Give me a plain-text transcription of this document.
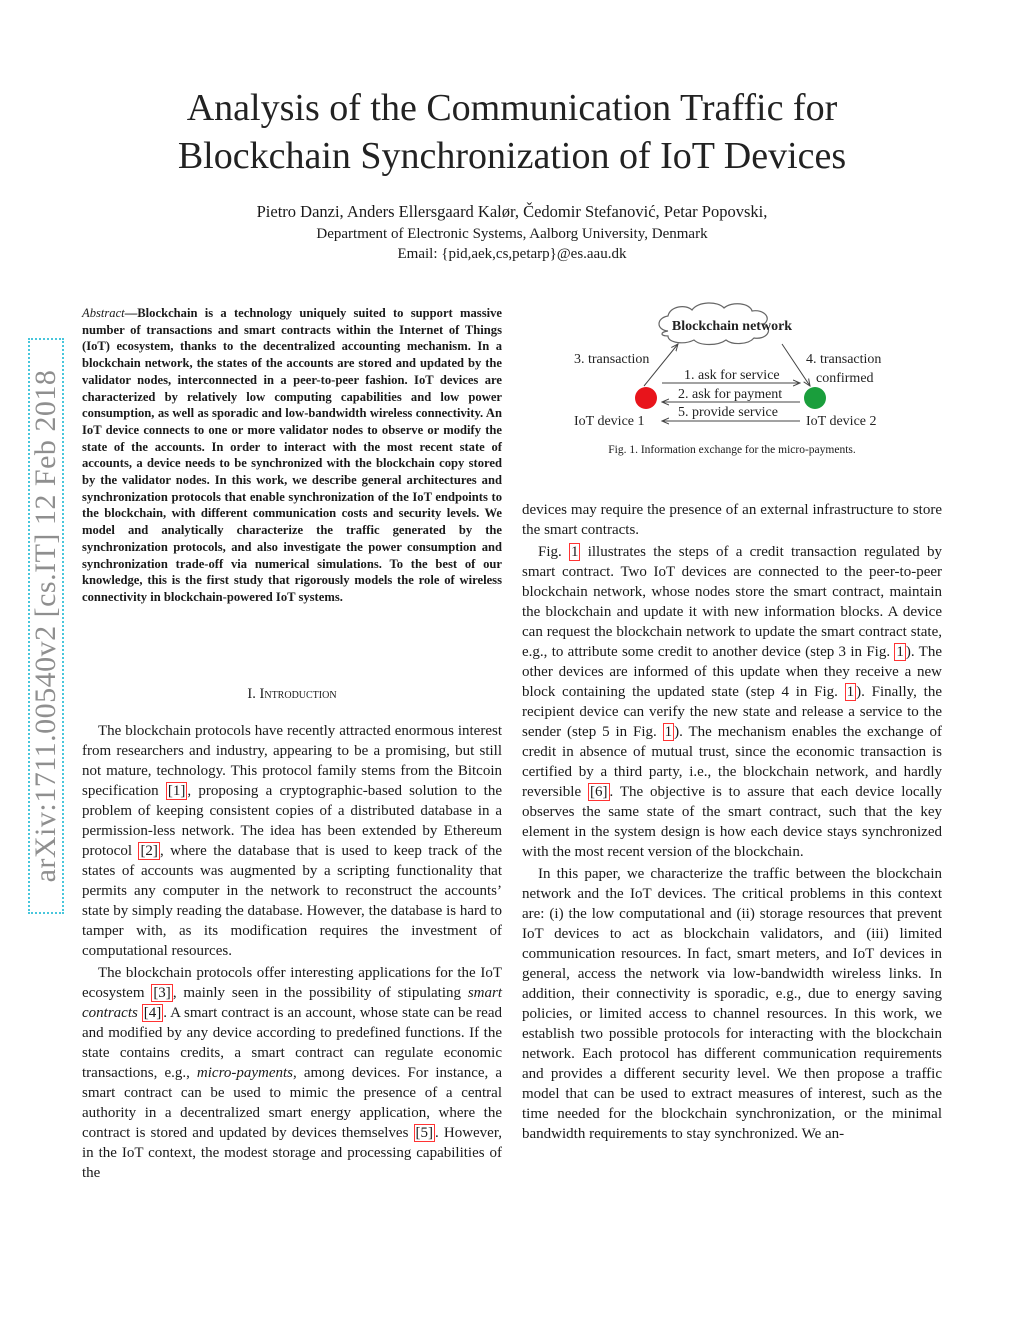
arXiv:1711.00540v2 [cs.IT] 12 Feb 2018
Analysis of the Communication Traffic for
Blockchain Synchronization of IoT Devices
Pietro Danzi, Anders Ellersgaard Kalør, Čedomir Stefanović, Petar Popovski,
Department of Electronic Systems, Aalborg University, Denmark
Email: {pid,aek,cs,petarp}@es.aau.dk
Abstract—Blockchain is a technology uniquely suited to support massive number of transactions and smart contracts within the Internet of Things (IoT) ecosystem, thanks to the decentralized accounting mechanism. In a blockchain network, the states of the accounts are stored and updated by the validator nodes, interconnected in a peer-to-peer fashion. IoT devices are characterized by relatively low computing capabilities and low power consumption, as well as sporadic and low-bandwidth wireless connectivity. An IoT device connects to one or more validator nodes to observe or modify the state of the accounts. In order to interact with the most recent state of accounts, a device needs to be synchronized with the blockchain copy stored by the validator nodes. In this work, we describe general architectures and synchronization protocols that enable synchronization of the IoT endpoints to the blockchain, with different communication costs and security levels. We model and analytically characterize the traffic generated by the synchronization protocols, and also investigate the power consumption and synchronization trade-off via numerical simulations. To the best of our knowledge, this is the first study that rigorously models the role of wireless connectivity in blockchain-powered IoT systems.
I. Introduction

The blockchain protocols have recently attracted enormous interest from researchers and industry, appearing to be a promising, but still not mature, technology. This protocol family stems from the Bitcoin specification [1] , proposing a cryptographic-based solution to the problem of keeping consistent copies of a distributed database in a permission-less network. The idea has been extended by Ethereum protocol [2] , where the database that is used to keep track of the states of accounts was augmented by a scripting functionality that permits any computer in the network to reconstruct the accounts’ state by simply reading the database. However, the database is hard to tamper with, as its modification requires the investment of computational resources.

The blockchain protocols offer interesting applications for the IoT ecosystem [3] , mainly seen in the possibility of stipulating smart contracts [4] . A smart contract is an account, whose state can be read and modified by any device according to predefined functions. If the state contains credits, a smart contract can regulate economic transactions, e.g., micro-payments, among devices. For instance, a smart contract can be used to mimic the presence of a central authority in a decentralized smart energy application, where the contract is stored and updated by devices themselves [5] . However, in the IoT context, the modest storage and processing capabilities of the

Blockchain network
3. transaction	4. transaction
confirmed
1. ask for service
2. ask for payment
5. provide service
IoT device 1	IoT device 2
Fig. 1. Information exchange for the micro-payments.

devices may require the presence of an external infrastructure to store the smart contracts.

Fig. 1 illustrates the steps of a credit transaction regulated by smart contract. Two IoT devices are connected to the peer-to-peer blockchain network, whose nodes store the smart contract, maintain the blockchain and update it with new information blocks. A device can request the blockchain network to update the smart contract state, e.g., to attribute some credit to another device (step 3 in Fig. 1 ). The other devices are informed of this update when they receive a new block containing the updated state (step 4 in Fig. 1 ). Finally, the recipient device can verify the new state and release a service to the sender (step 5 in Fig. 1 ). The mechanism enables the exchange of credit in absence of mutual trust, since the economic transaction is certified by a third party, i.e., the blockchain network, and hardly reversible [6] . The objective is to assure that each device locally observes the same state of the smart contract, such that the key element in the system design is how each device stays synchronized with the most recent version of the blockchain.

In this paper, we characterize the traffic between the blockchain network and the IoT devices. The critical problems in this context are: (i) the low computational and (ii) storage resources that prevent IoT devices to act as blockchain validators, and (iii) limited communication resources. In fact, smart meters, and IoT devices in general, access the network via low-bandwidth wireless links. In addition, their connectivity is sporadic, e.g., due to energy saving policies, or limited access to channel resources. In this work, we establish two possible protocols for interacting with the blockchain network. Each protocol has different communication requirements and provides a different security level. We then propose a traffic model that can be used to extract measures of interest, such as the time needed for the blockchain synchronization, or the minimal bandwidth requirements to stay synchronized. We an-
